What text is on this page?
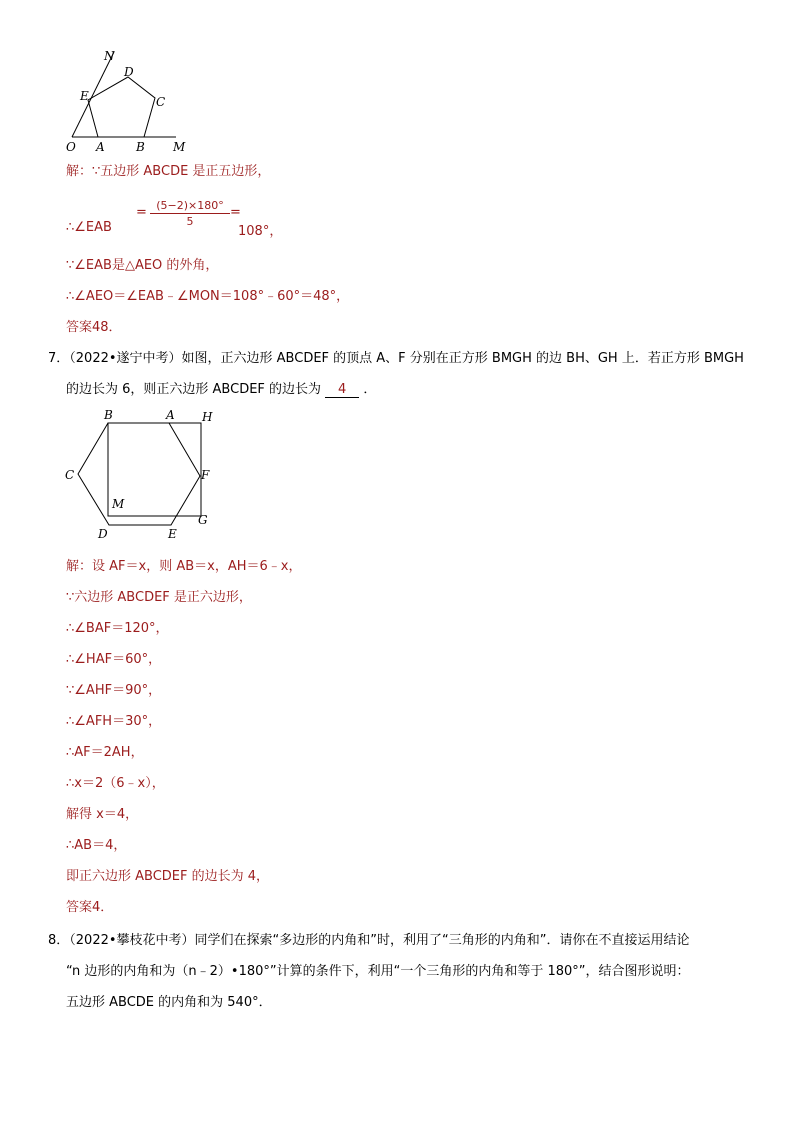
N
D
E	C
O A	B M
解：∵五边形 ABCDE 是正五边形，
∴∠EAB
= $\frac{(5-2)\times 180^\circ}{5}$ =
108°，
∵∠EAB是△AEO 的外角，
∴∠AEO＝∠EAB﹣∠MON＝108°﹣60°＝48°，
答案48．
7．（2022•遂宁中考）如图，正六边形 ABCDEF 的顶点 A、F 分别在正方形 BMGH 的边 BH、GH 上．若正方形 BMGH
的边长为 6，则正六边形 ABCDEF 的边长为 4 ．
B	A H
C	F
M
D	E
G
解：设 AF＝x，则 AB＝x，AH＝6﹣x，
∵六边形 ABCDEF 是正六边形，
∴∠BAF＝120°，
∴∠HAF＝60°，
∵∠AHF＝90°，
∴∠AFH＝30°，
∴AF＝2AH，
∴x＝2（6﹣x），
解得 x＝4，
∴AB＝4，
即正六边形 ABCDEF 的边长为 4，
答案4．
8．（2022•攀枝花中考）同学们在探索“多边形的内角和”时，利用了“三角形的内角和”．请你在不直接运用结论
“n 边形的内角和为（n﹣2）•180°”计算的条件下，利用“一个三角形的内角和等于 180°”，结合图形说明：
五边形 ABCDE 的内角和为 540°．
